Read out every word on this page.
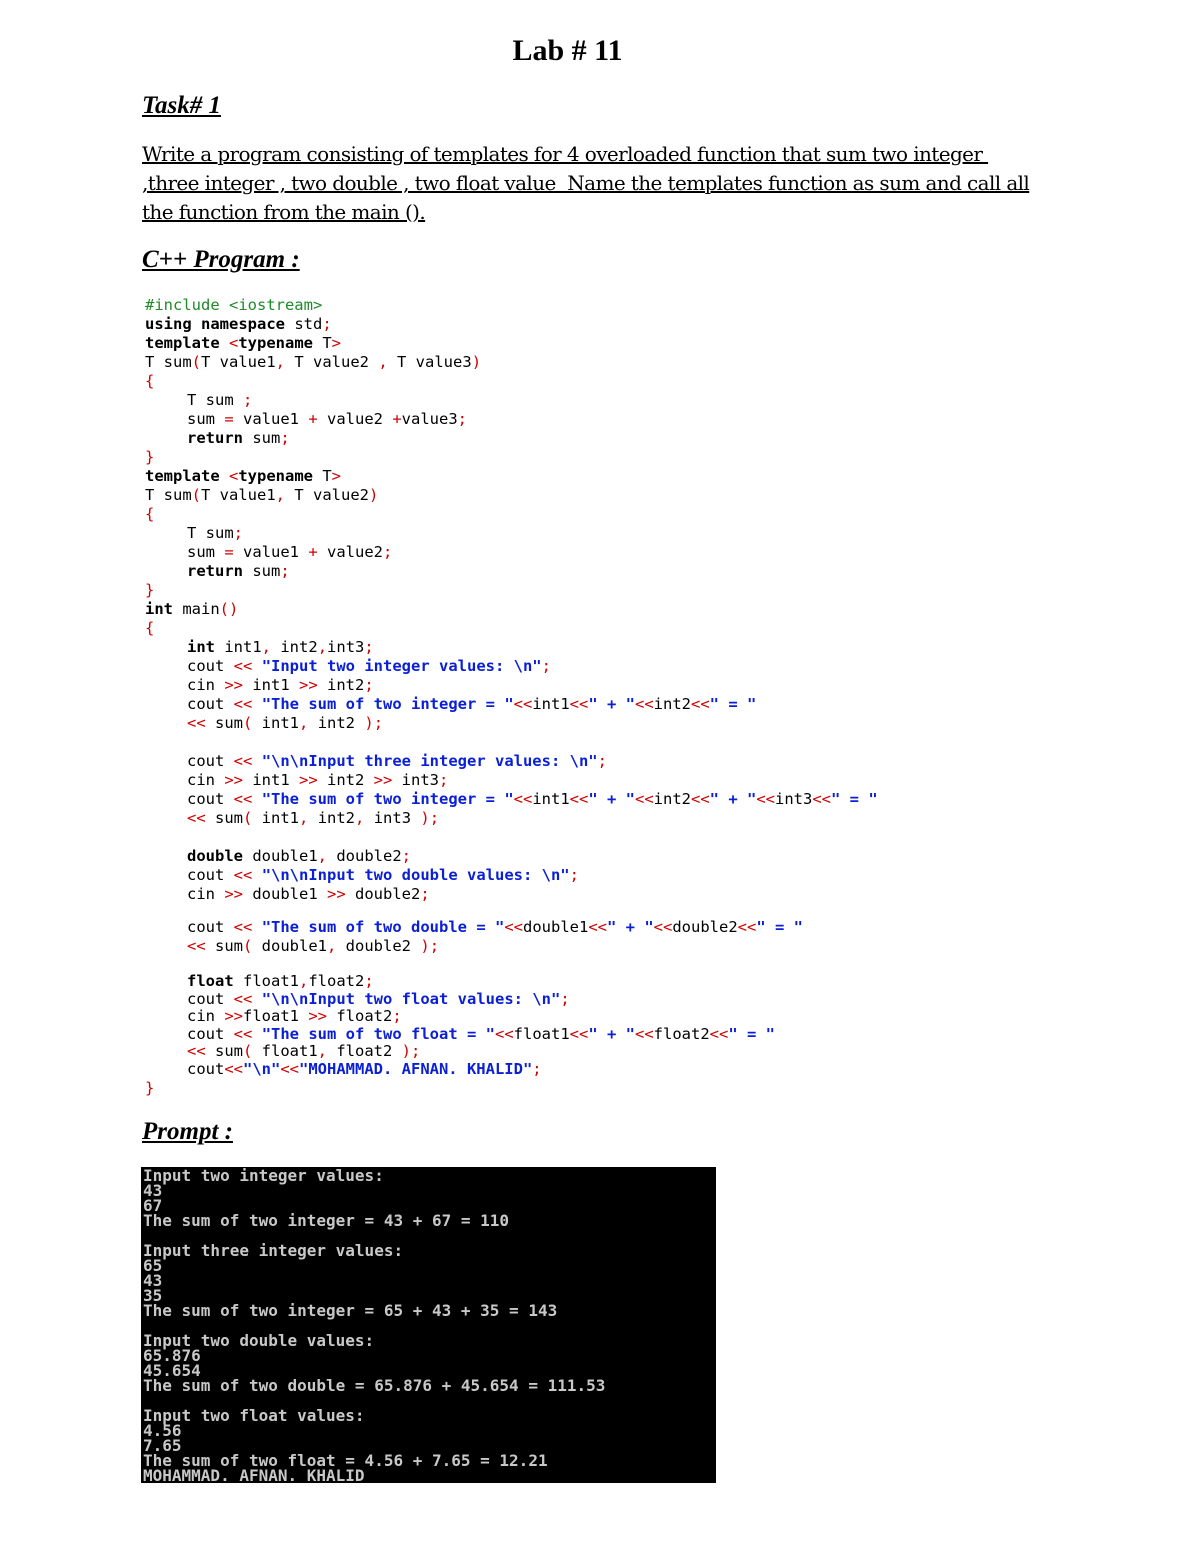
Lab # 11
Task# 1
Write a program consisting of templates for 4 overloaded function that sum two integer
,three integer , two double , two float value  Name the templates function as sum and call all
the function from the main ().
C++ Program :
#include <iostream>
using namespace std;
template <typename T>
T sum(T value1, T value2 , T value3)
{
T sum ;
sum = value1 + value2 +value3;
return sum;
}
template <typename T>
T sum(T value1, T value2)
{
T sum;
sum = value1 + value2;
return sum;
}
int main()
{
int int1, int2,int3;
cout << "Input two integer values: \n";
cin >> int1 >> int2;
cout << "The sum of two integer = "<<int1<<" + "<<int2<<" = "
<< sum( int1, int2 );
cout << "\n\nInput three integer values: \n";
cin >> int1 >> int2 >> int3;
cout << "The sum of two integer = "<<int1<<" + "<<int2<<" + "<<int3<<" = "
<< sum( int1, int2, int3 );
double double1, double2;
cout << "\n\nInput two double values: \n";
cin >> double1 >> double2;
cout << "The sum of two double = "<<double1<<" + "<<double2<<" = "
<< sum( double1, double2 );
float float1,float2;
cout << "\n\nInput two float values: \n";
cin >>float1 >> float2;
cout << "The sum of two float = "<<float1<<" + "<<float2<<" = "
<< sum( float1, float2 );
cout<<"\n"<<"MOHAMMAD. AFNAN. KHALID";
}
Prompt :
Input two integer values:
43
67
The sum of two integer = 43 + 67 = 110
Input three integer values:
65
43
35
The sum of two integer = 65 + 43 + 35 = 143
Input two double values:
65.876
45.654
The sum of two double = 65.876 + 45.654 = 111.53
Input two float values:
4.56
7.65
The sum of two float = 4.56 + 7.65 = 12.21
MOHAMMAD. AFNAN. KHALID
